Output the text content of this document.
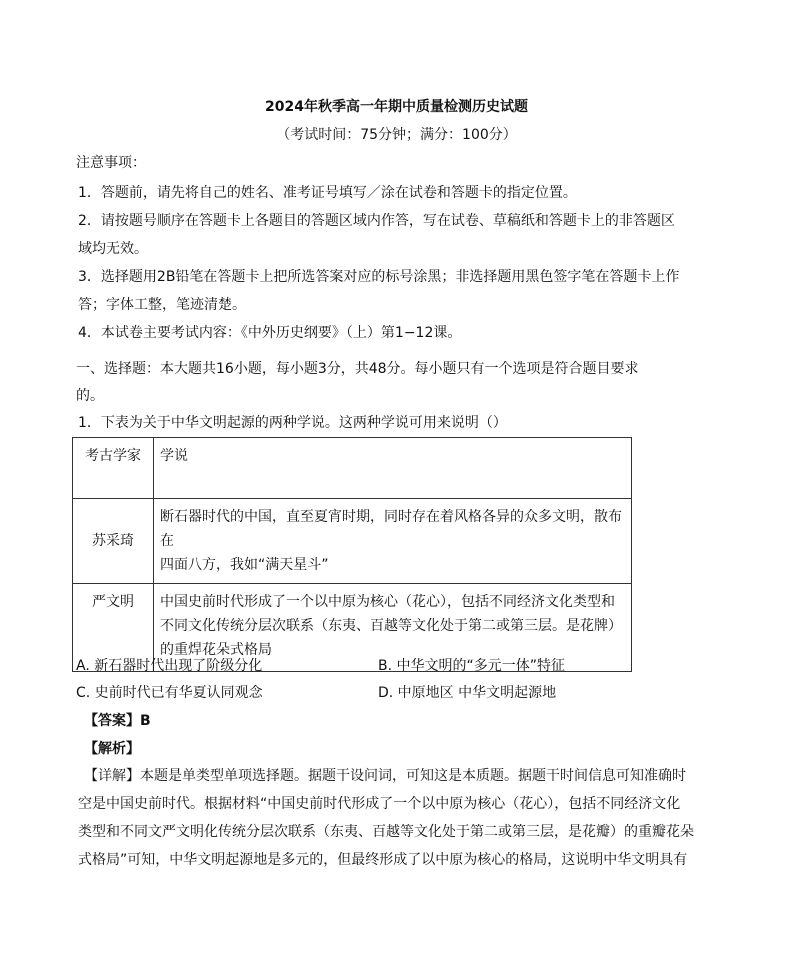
2024年秋季高一年期中质量检测历史试题
（考试时间：75分钟；满分：100分）
注意事项：
1．答题前，请先将自己的姓名、准考证号填写／涂在试卷和答题卡的指定位置。
2．请按题号顺序在答题卡上各题目的答题区域内作答，写在试卷、草稿纸和答题卡上的非答题区
域均无效。
3．选择题用2B铅笔在答题卡上把所选答案对应的标号涂黑；非选择题用黑色签字笔在答题卡上作
答；字体工整，笔迹清楚。
4．本试卷主要考试内容：《中外历史纲要》（上）第1−12课。
一、选择题：本大题共16小题，每小题3分，共48分。每小题只有一个选项是符合题目要求
的。
1．下表为关于中华文明起源的两种学说。这两种学说可用来说明（）
考古学家	学说
苏采琦	断石器时代的中国，直至夏宵时期，同时存在着风格各异的众多文明，散布在
四面八方，我如“满天星斗”

严文明	中国史前时代形成了一个以中原为核心（花心），包括不同经济文化类型和
不同文化传统分层次联系（东夷、百越等文化处于第二或第三层。是花牌）
的重焊花朵式格局
A. 新石器时代出现了阶级分化	B. 中华文明的“多元一体”特征
C. 史前时代已有华夏认同观念	D. 中原地区 中华文明起源地
【答案】B
【解析】
【详解】本题是单类型单项选择题。据题干设问词，可知这是本质题。据题干时间信息可知准确时
空是中国史前时代。根据材料“中国史前时代形成了一个以中原为核心（花心），包括不同经济文化
类型和不同文严文明化传统分层次联系（东夷、百越等文化处于第二或第三层，是花瓣）的重瓣花朵
式格局”可知，中华文明起源地是多元的，但最终形成了以中原为核心的格局，这说明中华文明具有
